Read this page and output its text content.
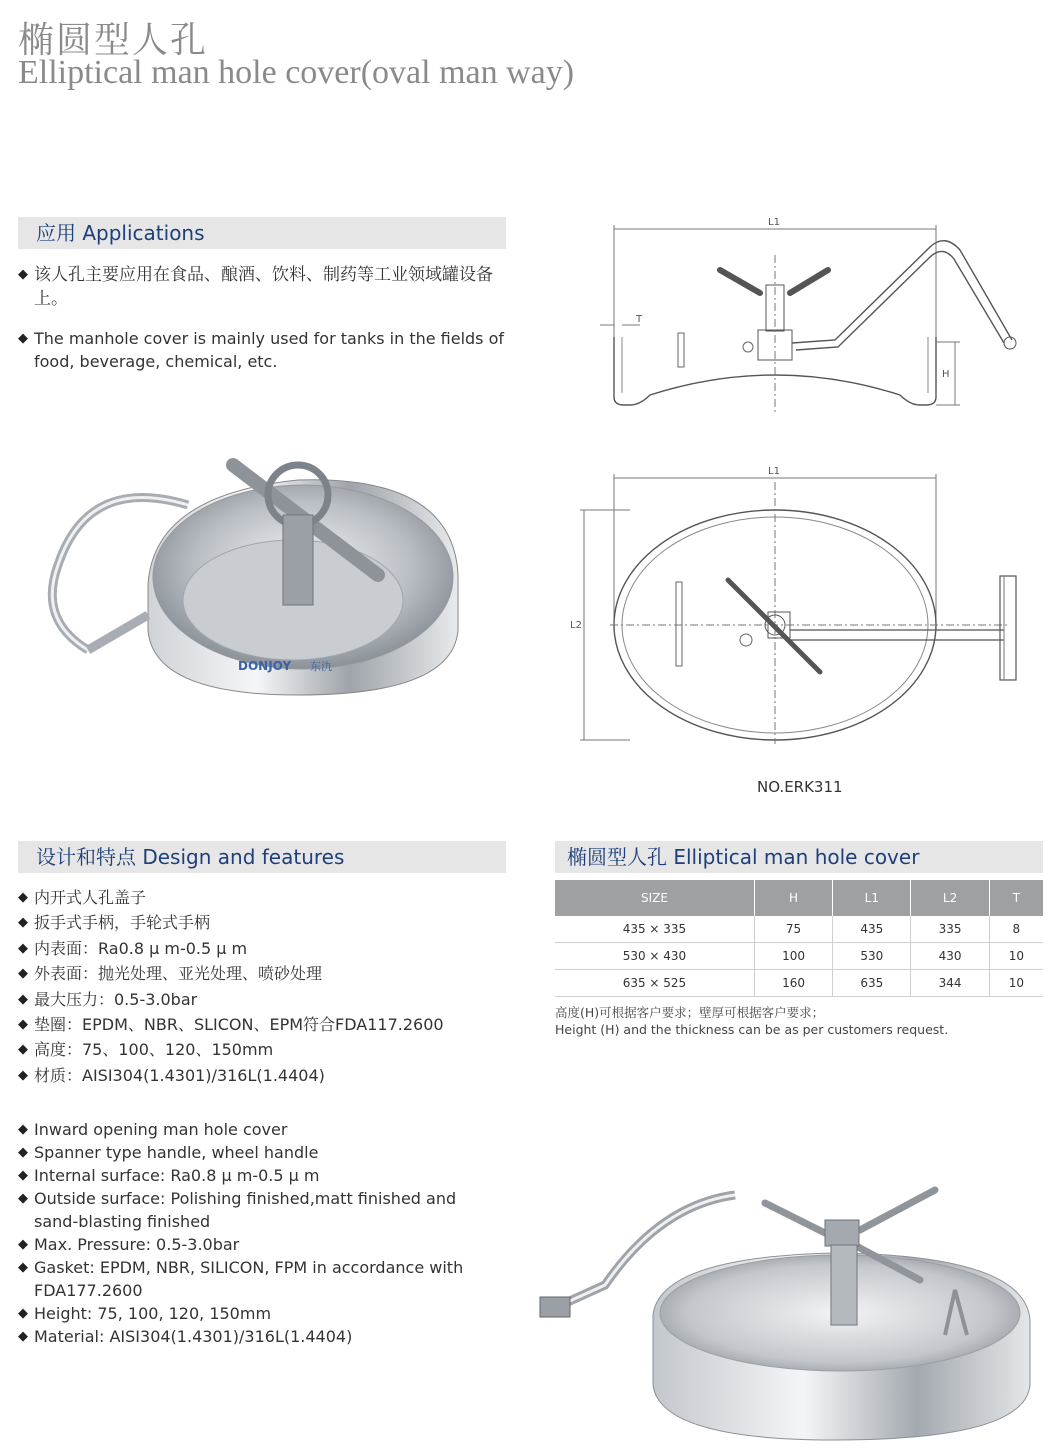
椭圆型人孔
Elliptical man hole cover(oval man way)
应用 Applications
◆ 该人孔主要应用在食品、酿酒、饮料、制药等工业领域罐设备上。
◆ The manhole cover is mainly used for tanks in the fields of food, beverage, chemical, etc.
L1
T
H
L1
L2
NO.ERK311
DONJOY 东氿
设计和特点 Design and features
◆ 内开式人孔盖子
◆ 扳手式手柄，手轮式手柄
◆ 内表面：Ra0.8 μ m-0.5 μ m
◆ 外表面：抛光处理、亚光处理、喷砂处理
◆ 最大压力：0.5-3.0bar
◆ 垫圈：EPDM、NBR、SLICON、EPM符合FDA117.2600
◆ 高度：75、100、120、150mm
◆ 材质：AISI304(1.4301)/316L(1.4404)
◆ Inward opening man hole cover
◆ Spanner type handle, wheel handle
◆ Internal surface: Ra0.8 μ m-0.5 μ m
◆ Outside surface: Polishing finished,matt finished and sand-blasting finished
◆ Max. Pressure: 0.5-3.0bar
◆ Gasket: EPDM, NBR, SILICON, FPM in accordance with FDA177.2600
◆ Height: 75, 100, 120, 150mm
◆ Material: AISI304(1.4301)/316L(1.4404)
椭圆型人孔 Elliptical man hole cover
SIZE	H	L1	L2	T
435 × 335	75	435	335	8
530 × 430	100	530	430	10
635 × 525	160	635	344	10
高度(H)可根据客户要求；壁厚可根据客户要求；
Height (H) and the thickness can be as per customers request.
